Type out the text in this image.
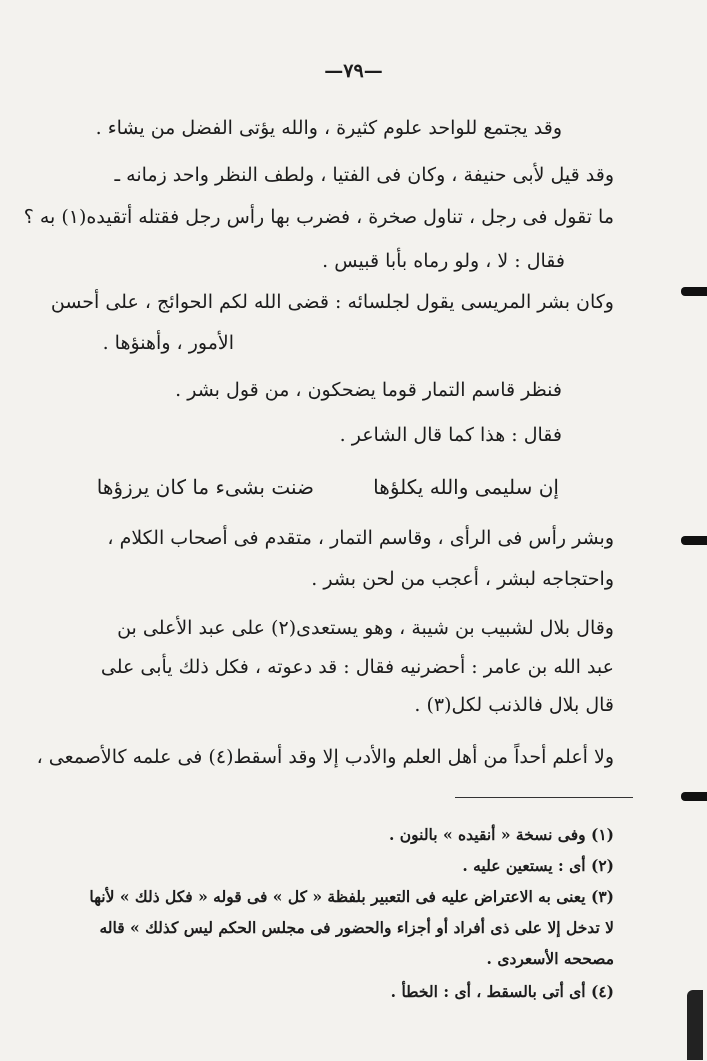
—٧٩—
وقد يجتمع للواحد علوم كثيرة ، والله يؤتى الفضل من يشاء .
وقد قيل لأبى حنيفة ، وكان فى الفتيا ، ولطف النظر واحد زمانه ـ
ما تقول فى رجل ، تناول صخرة ، فضرب بها رأس رجل فقتله أتقيده(١) به ؟
فقال : لا ، ولو رماه بأبا قبيس .
وكان بشر المريسى يقول لجلسائه : قضى الله لكم الحوائج ، على أحسن
الأمور ، وأهنؤها .
فنظر قاسم التمار قوما يضحكون ، من قول بشر .
فقال : هذا كما قال الشاعر .
إن سليمى والله يكلؤها
ضنت بشىء ما كان يرزؤها
وبشر رأس فى الرأى ، وقاسم التمار ، متقدم فى أصحاب الكلام ،
واحتجاجه لبشر ، أعجب من لحن بشر .
وقال بلال لشبيب بن شيبة ، وهو يستعدى(٢) على عبد الأعلى بن
عبد الله بن عامر : أحضرنيه فقال : قد دعوته ، فكل ذلك يأبى على
قال بلال فالذنب لكل(٣) .
ولا أعلم أحداً من أهل العلم والأدب إلا وقد أسقط(٤) فى علمه كالأصمعى ،
(١) وفى نسخة « أنقيده » بالنون .
(٢) أى : يستعين عليه .
(٣) يعنى به الاعتراض عليه فى التعبير بلفظة « كل » فى قوله « فكل ذلك » لأنها
لا تدخل إلا على ذى أفراد أو أجزاء والحضور فى مجلس الحكم ليس كذلك » قاله
مصححه الأسعردى .
(٤) أى أتى بالسقط ، أى : الخطأ .
